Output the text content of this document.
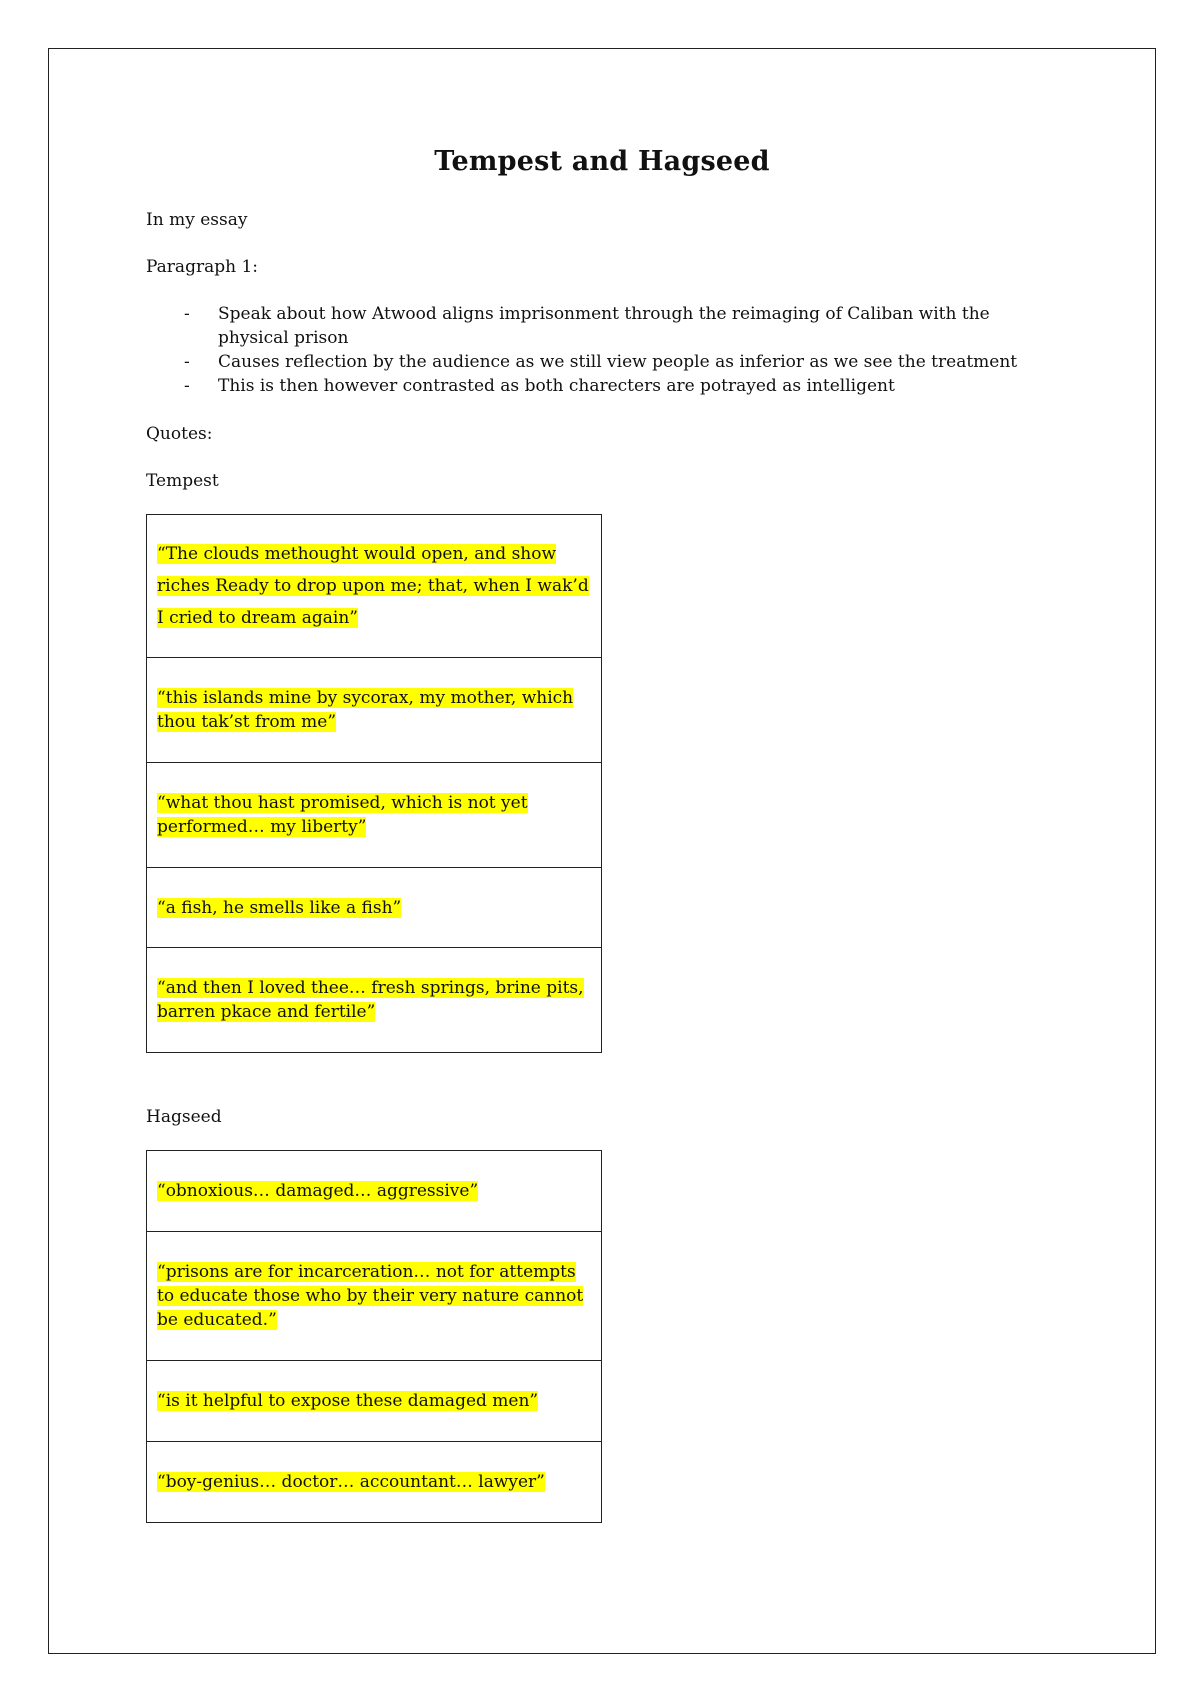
Tempest and Hagseed
In my essay
Paragraph 1:
- Speak about how Atwood aligns imprisonment through the reimaging of Caliban with the physical prison
- Causes reflection by the audience as we still view people as inferior as we see the treatment
- This is then however contrasted as both charecters are potrayed as intelligent
Quotes:
Tempest
“The clouds methought would open, and show riches Ready to drop upon me; that, when I wak’d I cried to dream again”
“this islands mine by sycorax, my mother, which thou tak’st from me”
“what thou hast promised, which is not yet performed… my liberty”
“a fish, he smells like a fish”
“and then I loved thee… fresh springs, brine pits, barren pkace and fertile”
Hagseed
“obnoxious… damaged… aggressive”
“prisons are for incarceration… not for attempts to educate those who by their very nature cannot be educated.”
“is it helpful to expose these damaged men”
“boy-genius… doctor… accountant… lawyer”
